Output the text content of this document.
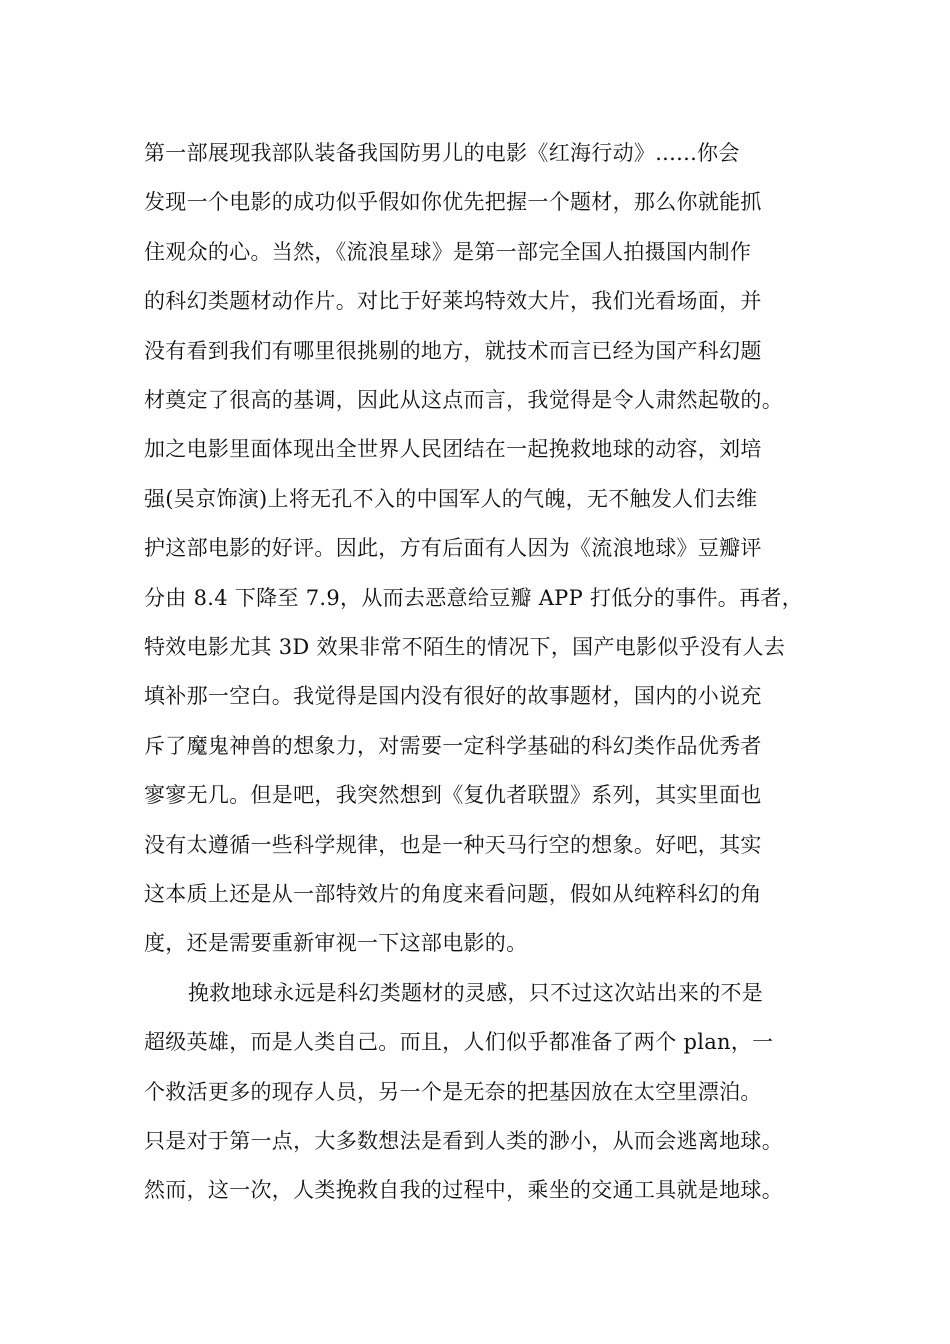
第一部展现我部队装备我国防男儿的电影《红海行动》......你会
发现一个电影的成功似乎假如你优先把握一个题材，那么你就能抓
住观众的心。当然，《流浪星球》是第一部完全国人拍摄国内制作
的科幻类题材动作片。对比于好莱坞特效大片，我们光看场面，并
没有看到我们有哪里很挑剔的地方，就技术而言已经为国产科幻题
材奠定了很高的基调，因此从这点而言，我觉得是令人肃然起敬的。
加之电影里面体现出全世界人民团结在一起挽救地球的动容，刘培
强(吴京饰演)上将无孔不入的中国军人的气魄，无不触发人们去维
护这部电影的好评。因此，方有后面有人因为《流浪地球》豆瓣评
分由 8.4 下降至 7.9，从而去恶意给豆瓣 APP 打低分的事件。再者，
特效电影尤其 3D 效果非常不陌生的情况下，国产电影似乎没有人去
填补那一空白。我觉得是国内没有很好的故事题材，国内的小说充
斥了魔鬼神兽的想象力，对需要一定科学基础的科幻类作品优秀者
寥寥无几。但是吧，我突然想到《复仇者联盟》系列，其实里面也
没有太遵循一些科学规律，也是一种天马行空的想象。好吧，其实
这本质上还是从一部特效片的角度来看问题，假如从纯粹科幻的角
度，还是需要重新审视一下这部电影的。
挽救地球永远是科幻类题材的灵感，只不过这次站出来的不是
超级英雄，而是人类自己。而且，人们似乎都准备了两个 plan，一
个救活更多的现存人员，另一个是无奈的把基因放在太空里漂泊。
只是对于第一点，大多数想法是看到人类的渺小，从而会逃离地球。
然而，这一次，人类挽救自我的过程中，乘坐的交通工具就是地球。
